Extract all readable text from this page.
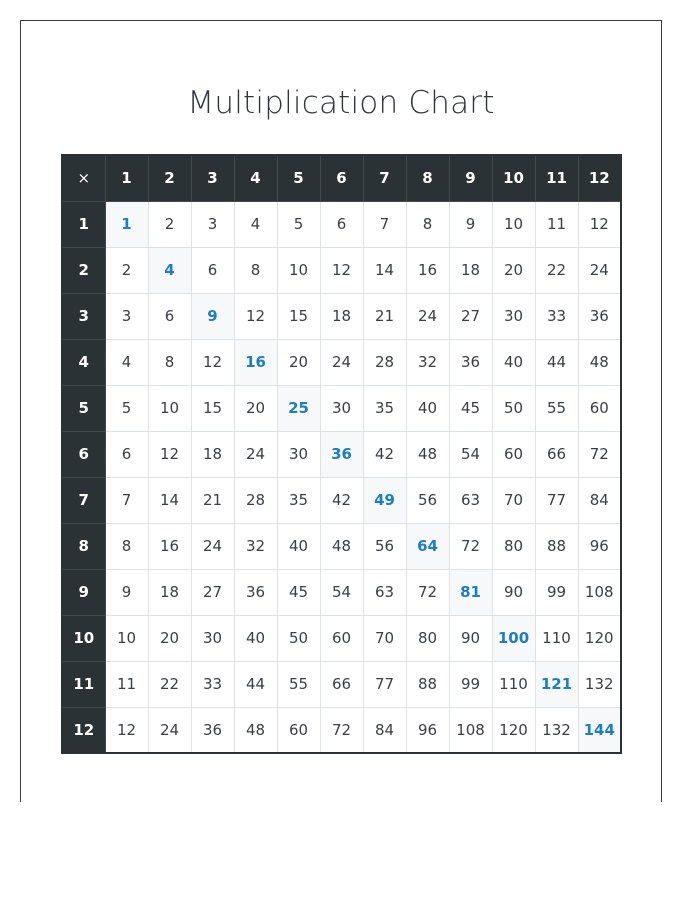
Multiplication Chart
×	1	2	3	4	5	6	7	8	9	10	11	12
1	1	2	3	4	5	6	7	8	9	10	11	12
2	2	4	6	8	10	12	14	16	18	20	22	24
3	3	6	9	12	15	18	21	24	27	30	33	36
4	4	8	12	16	20	24	28	32	36	40	44	48
5	5	10	15	20	25	30	35	40	45	50	55	60
6	6	12	18	24	30	36	42	48	54	60	66	72
7	7	14	21	28	35	42	49	56	63	70	77	84
8	8	16	24	32	40	48	56	64	72	80	88	96
9	9	18	27	36	45	54	63	72	81	90	99	108
10	10	20	30	40	50	60	70	80	90	100	110	120
11	11	22	33	44	55	66	77	88	99	110	121	132
12	12	24	36	48	60	72	84	96	108	120	132	144
